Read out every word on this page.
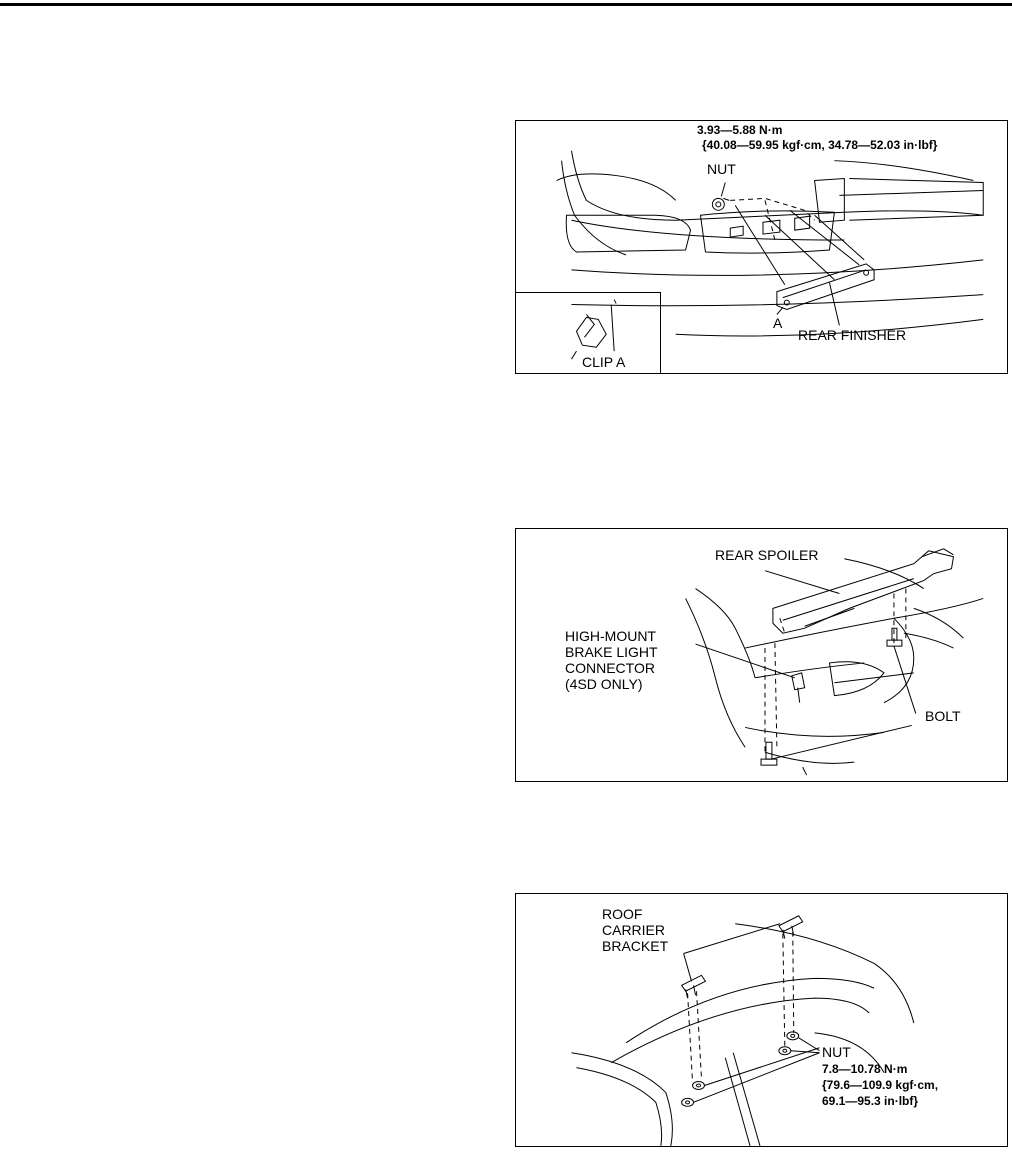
3.93—5.88 N·m
{40.08—59.95 kgf·cm, 34.78—52.03 in·lbf}
NUT
A
REAR FINISHER
CLIP A
REAR SPOILER
HIGH-MOUNT
BRAKE LIGHT
CONNECTOR
(4SD ONLY)
BOLT
ROOF
CARRIER
BRACKET
NUT
7.8—10.78 N·m
{79.6—109.9 kgf·cm,
69.1—95.3 in·lbf}
